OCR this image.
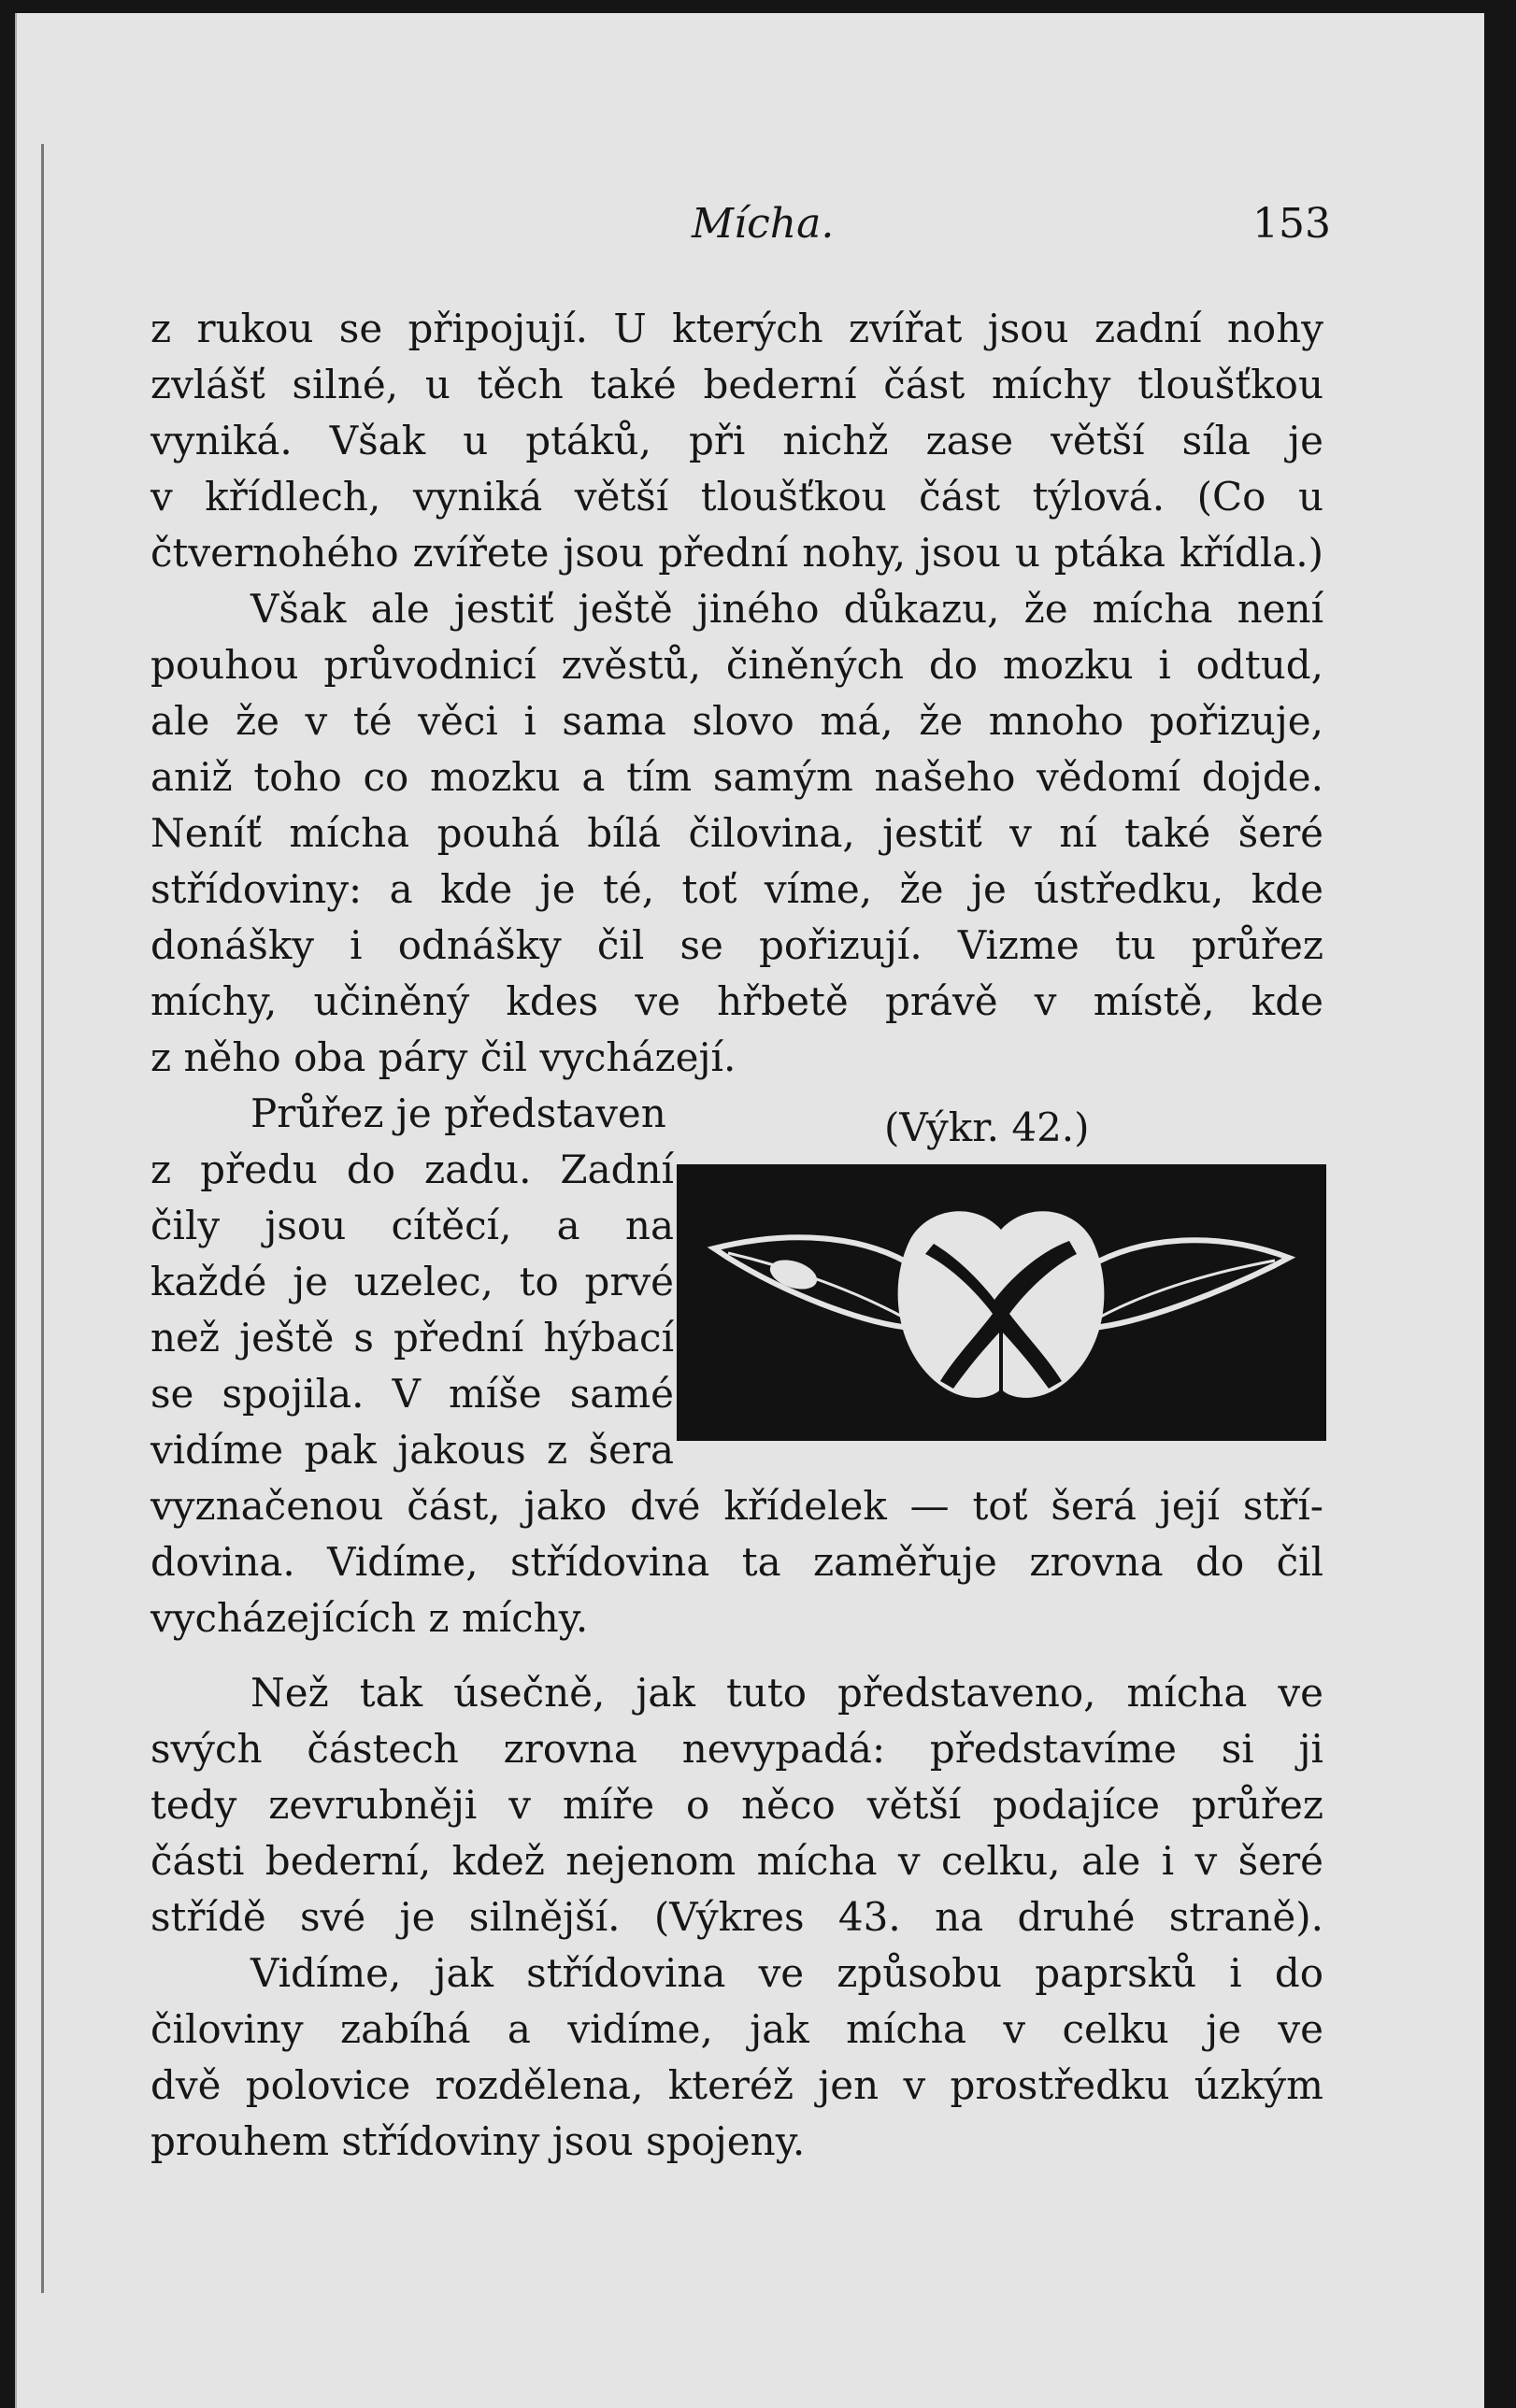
Mícha.	153
z rukou se připojují. U kterých zvířat jsou zadní nohy
zvlášť silné, u těch také bederní část míchy tloušťkou
vyniká. Však u ptáků, při nichž zase větší síla je
v křídlech, vyniká větší tloušťkou část týlová. (Co u
čtvernohého zvířete jsou přední nohy, jsou u ptáka křídla.)
Však ale jestiť ještě jiného důkazu, že mícha není
pouhou průvodnicí zvěstů, činěných do mozku i odtud,
ale že v té věci i sama slovo má, že mnoho pořizuje,
aniž toho co mozku a tím samým našeho vědomí dojde.
Neníť mícha pouhá bílá čilovina, jestiť v ní také šeré
střídoviny: a kde je té, toť víme, že je ústředku, kde
donášky i odnášky čil se pořizují. Vizme tu průřez
míchy, učiněný kdes ve hřbetě právě v místě, kde
z něho oba páry čil vycházejí.
Průřez je představen
z předu do zadu. Zadní
čily jsou cítěcí, a na
každé je uzelec, to prvé
než ještě s přední hýbací
se spojila. V míše samé
vidíme pak jakous z šera
(Výkr. 42.)
vyznačenou část, jako dvé křídelek — toť šerá její stří-
dovina. Vidíme, střídovina ta zaměřuje zrovna do čil
vycházejících z míchy.
Než tak úsečně, jak tuto představeno, mícha ve
svých částech zrovna nevypadá: představíme si ji
tedy zevrubněji v míře o něco větší podajíce průřez
části bederní, kdež nejenom mícha v celku, ale i v šeré
střídě své je silnější. (Výkres 43. na druhé straně).
Vidíme, jak střídovina ve způsobu paprsků i do
čiloviny zabíhá a vidíme, jak mícha v celku je ve
dvě polovice rozdělena, kteréž jen v prostředku úzkým
prouhem střídoviny jsou spojeny.
